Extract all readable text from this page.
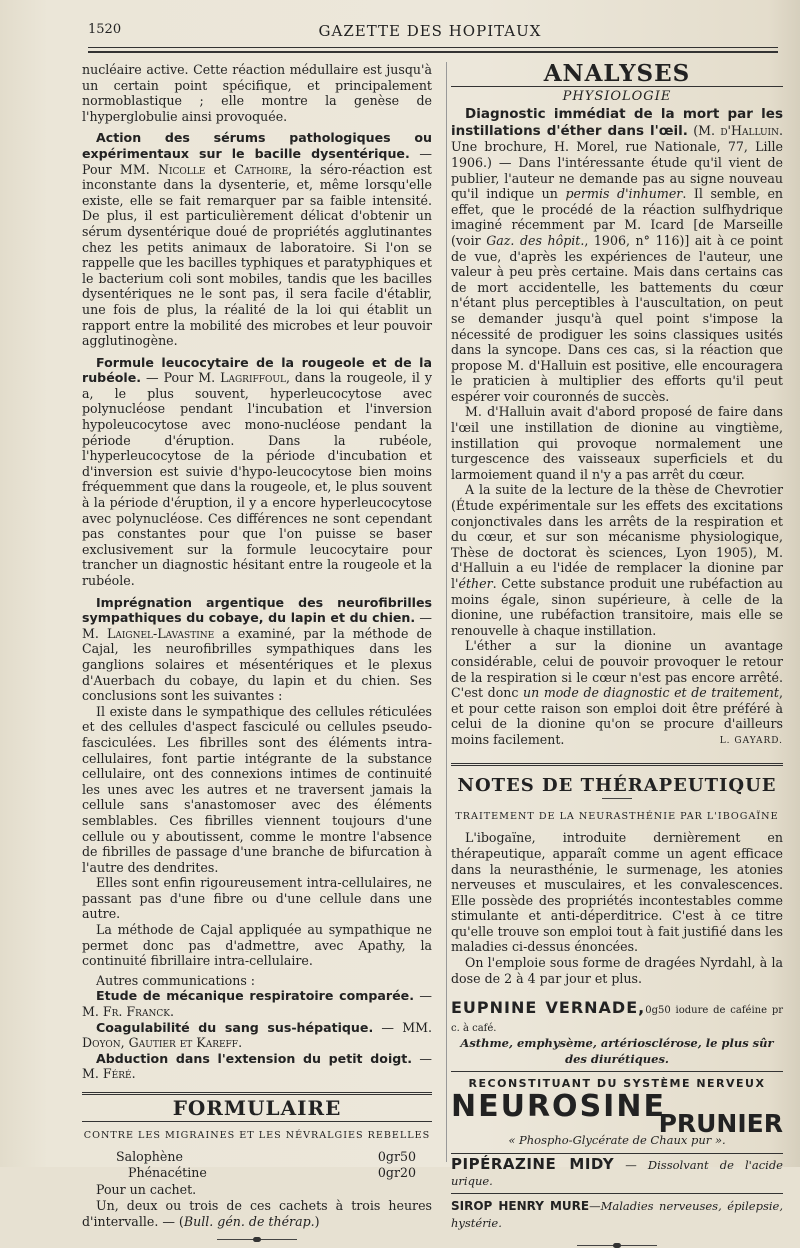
1520	GAZETTE DES HOPITAUX

nucléaire active. Cette réaction médullaire est jusqu'à un certain point spécifique, et principalement normoblastique ; elle montre la genèse de l'hyperglobulie ainsi provoquée.

Action des sérums pathologiques ou expérimentaux sur le bacille dysentérique. — Pour MM. Nicolle et Cathoire, la séro-réaction est inconstante dans la dysenterie, et, même lorsqu'elle existe, elle se fait remarquer par sa faible intensité. De plus, il est particulièrement délicat d'obtenir un sérum dysentérique doué de propriétés agglutinantes chez les petits animaux de laboratoire. Si l'on se rappelle que les bacilles typhiques et paratyphiques et le bacterium coli sont mobiles, tandis que les bacilles dysentériques ne le sont pas, il sera facile d'établir, une fois de plus, la réalité de la loi qui établit un rapport entre la mobilité des microbes et leur pouvoir agglutinogène.

Formule leucocytaire de la rougeole et de la rubéole. — Pour M. Lagriffoul, dans la rougeole, il y a, le plus souvent, hyperleucocytose avec polynucléose pendant l'incubation et l'inversion hypoleucocytose avec mono-nucléose pendant la période d'éruption. Dans la rubéole, l'hyperleucocytose de la période d'incubation et d'inversion est suivie d'hypo-leucocytose bien moins fréquemment que dans la rougeole, et, le plus souvent à la période d'éruption, il y a encore hyperleucocytose avec polynucléose. Ces différences ne sont cependant pas constantes pour que l'on puisse se baser exclusivement sur la formule leucocytaire pour trancher un diagnostic hésitant entre la rougeole et la rubéole.

Imprégnation argentique des neurofibrilles sympathiques du cobaye, du lapin et du chien. — M. Laignel-Lavastine a examiné, par la méthode de Cajal, les neurofibrilles sympathiques dans les ganglions solaires et mésentériques et le plexus d'Auerbach du cobaye, du lapin et du chien. Ses conclusions sont les suivantes :

Il existe dans le sympathique des cellules réticulées et des cellules d'aspect fasciculé ou cellules pseudo-fasciculées. Les fibrilles sont des éléments intra-cellulaires, font partie intégrante de la substance cellulaire, ont des connexions intimes de continuité les unes avec les autres et ne traversent jamais la cellule sans s'anastomoser avec des éléments semblables. Ces fibrilles viennent toujours d'une cellule ou y aboutissent, comme le montre l'absence de fibrilles de passage d'une branche de bifurcation à l'autre des dendrites.

Elles sont enfin rigoureusement intra-cellulaires, ne passant pas d'une fibre ou d'une cellule dans une autre.

La méthode de Cajal appliquée au sympathique ne permet donc pas d'admettre, avec Apathy, la continuité fibrillaire intra-cellulaire.

Autres communications :

Etude de mécanique respiratoire comparée. — M. Fr. Franck.

Coagulabilité du sang sus-hépatique. — MM. Doyon, Gautier et Kareff.

Abduction dans l'extension du petit doigt. — M. Féré.

FORMULAIRE
CONTRE LES MIGRAINES ET LES NÉVRALGIES REBELLES
Salophène	0gr50
Phénacétine	0gr20

Pour un cachet.

Un, deux ou trois de ces cachets à trois heures d'intervalle. — (Bull. gén. de thérap.)

ANALYSES
PHYSIOLOGIE

Diagnostic immédiat de la mort par les instillations d'éther dans l'œil. (M. d'Halluin. Une brochure, H. Morel, rue Nationale, 77, Lille 1906.) — Dans l'intéressante étude qu'il vient de publier, l'auteur ne demande pas au signe nouveau qu'il indique un permis d'inhumer. Il semble, en effet, que le procédé de la réaction sulfhydrique imaginé récemment par M. Icard [de Marseille (voir Gaz. des hôpit., 1906, n° 116)] ait à ce point de vue, d'après les expériences de l'auteur, une valeur à peu près certaine. Mais dans certains cas de mort accidentelle, les battements du cœur n'étant plus perceptibles à l'auscultation, on peut se demander jusqu'à quel point s'impose la nécessité de prodiguer les soins classiques usités dans la syncope. Dans ces cas, si la réaction que propose M. d'Halluin est positive, elle encouragera le praticien à multiplier des efforts qu'il peut espérer voir couronnés de succès.

M. d'Halluin avait d'abord proposé de faire dans l'œil une instillation de dionine au vingtième, instillation qui provoque normalement une turgescence des vaisseaux superficiels et du larmoiement quand il n'y a pas arrêt du cœur.

A la suite de la lecture de la thèse de Chevrotier (Étude expérimentale sur les effets des excitations conjonctivales dans les arrêts de la respiration et du cœur, et sur son mécanisme physiologique, Thèse de doctorat ès sciences, Lyon 1905), M. d'Halluin a eu l'idée de remplacer la dionine par l'éther. Cette substance produit une rubéfaction au moins égale, sinon supérieure, à celle de la dionine, une rubéfaction transitoire, mais elle se renouvelle à chaque instillation.

L'éther a sur la dionine un avantage considérable, celui de pouvoir provoquer le retour de la respiration si le cœur n'est pas encore arrêté. C'est donc un mode de diagnostic et de traitement, et pour cette raison son emploi doit être préféré à celui de la dionine qu'on se procure d'ailleurs moins facilement.	L. GAYARD.
NOTES DE THÉRAPEUTIQUE
TRAITEMENT DE LA NEURASTHÉNIE PAR L'IBOGAÏNE

L'ibogaïne, introduite dernièrement en thérapeutique, apparaît comme un agent efficace dans la neurasthénie, le surmenage, les atonies nerveuses et musculaires, et les convalescences. Elle possède des propriétés incontestables comme stimulante et anti-déperditrice. C'est à ce titre qu'elle trouve son emploi tout à fait justifié dans les maladies ci-dessus énoncées.

On l'emploie sous forme de dragées Nyrdahl, à la dose de 2 à 4 par jour et plus.

EUPNINE VERNADE,0g50 iodure de caféine pr c. à café.
Asthme, emphysème, artériosclérose, le plus sûr des diurétiques.
RECONSTITUANT DU SYSTÈME NERVEUX
NEUROSINE
PRUNIER
« Phospho-Glycérate de Chaux pur ».
PIPÉRAZINE MIDY — Dissolvant de l'acide urique.
SIROP HENRY MURE—Maladies nerveuses, épilepsie, hystérie.
